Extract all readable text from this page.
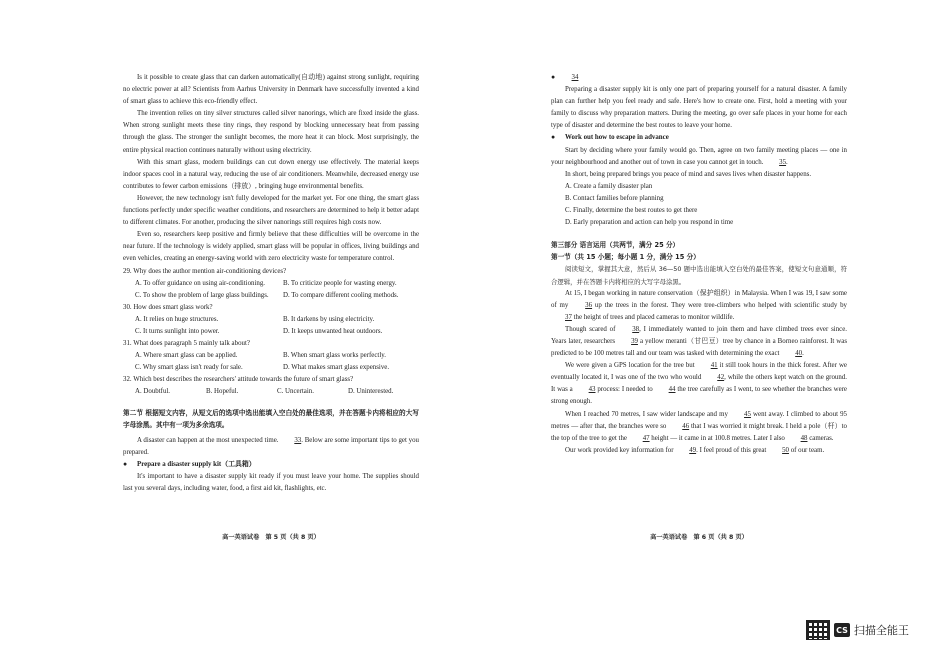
Is it possible to create glass that can darken automatically(自动地) against strong sunlight, requiring no electric power at all? Scientists from Aarhus University in Denmark have successfully invented a kind of smart glass to achieve this eco-friendly effect.

The invention relies on tiny silver structures called silver nanorings, which are fixed inside the glass. When strong sunlight meets these tiny rings, they respond by blocking unnecessary heat from passing through the glass. The stronger the sunlight becomes, the more heat it can block. Most surprisingly, the entire physical reaction continues naturally without using electricity.

With this smart glass, modern buildings can cut down energy use effectively. The material keeps indoor spaces cool in a natural way, reducing the use of air conditioners. Meanwhile, decreased energy use contributes to fewer carbon emissions（排放）, bringing huge environmental benefits.

However, the new technology isn't fully developed for the market yet. For one thing, the smart glass functions perfectly under specific weather conditions, and researchers are determined to help it better adapt to different climates. For another, producing the silver nanorings still requires high costs now.

Even so, researchers keep positive and firmly believe that these difficulties will be overcome in the near future. If the technology is widely applied, smart glass will be popular in offices, living buildings and even vehicles, creating an energy-saving world with zero electricity waste for temperature control.

29. Why does the author mention air-conditioning devices?

A. To offer guidance on using air-conditioning.	B. To criticize people for wasting energy.
C. To show the problem of large glass buildings.	D. To compare different cooling methods.

30. How does smart glass work?

A. It relies on huge structures.	B. It darkens by using electricity.
C. It turns sunlight into power.	D. It keeps unwanted heat outdoors.

31. What does paragraph 5 mainly talk about?

A. Where smart glass can be applied.	B. When smart glass works perfectly.
C. Why smart glass isn't ready for sale.	D. What makes smart glass expensive.

32. Which best describes the researchers' attitude towards the future of smart glass?

A. Doubtful.	B. Hopeful.	C. Uncertain.	D. Uninterested.

第二节 根据短文内容，从短文后的选项中选出能填入空白处的最佳选项，并在答题卡内将相应的大写字母涂黑。其中有一项为多余选项。

A disaster can happen at the most unexpected time. 33. Below are some important tips to get you prepared.

● Prepare a disaster supply kit（工具箱）

It's important to have a disaster supply kit ready if you must leave your home. The supplies should last you several days, including water, food, a first aid kit, flashlights, etc.

高一英语试卷　第 5 页（共 8 页）

● 34

Preparing a disaster supply kit is only one part of preparing yourself for a natural disaster. A family plan can further help you feel ready and safe. Here's how to create one. First, hold a meeting with your family to discuss why preparation matters. During the meeting, go over safe places in your home for each type of disaster and determine the best routes to leave your home.

● Work out how to escape in advance

Start by deciding where your family would go. Then, agree on two family meeting places — one in your neighbourhood and another out of town in case you cannot get in touch. 35.

In short, being prepared brings you peace of mind and saves lives when disaster happens.

A. Create a family disaster plan

B. Contact families before planning

C. Finally, determine the best routes to get there

D. Early preparation and action can help you respond in time

第三部分 语言运用（共两节，满分 25 分）

第一节（共 15 小题；每小题 1 分，满分 15 分）

阅读短文，掌握其大意，然后从 36—50 题中选出能填入空白处的最佳答案，使短文句意通顺，符合逻辑，并在答题卡内将相应的大写字母涂黑。

At 15, I began working in nature conservation（保护组织）in Malaysia. When I was 19, I saw some of my 36 up the trees in the forest. They were tree-climbers who helped with scientific study by 37 the height of trees and placed cameras to monitor wildlife.

Though scared of 38, I immediately wanted to join them and have climbed trees ever since. Years later, researchers 39 a yellow meranti（甘巴豆）tree by chance in a Borneo rainforest. It was predicted to be 100 metres tall and our team was tasked with determining the exact 40.

We were given a GPS location for the tree but 41 it still took hours in the thick forest. After we eventually located it, I was one of the two who would 42, while the others kept watch on the ground. It was a 43 process: I needed to 44 the tree carefully as I went, to see whether the branches were strong enough.

When I reached 70 metres, I saw wider landscape and my 45 went away. I climbed to about 95 metres — after that, the branches were so 46 that I was worried it might break. I held a pole（杆）to the top of the tree to get the 47 height — it came in at 100.8 metres. Later I also 48 cameras.

Our work provided key information for 49. I feel proud of this great 50 of our team.

高一英语试卷　第 6 页（共 8 页）
CS 扫描全能王
